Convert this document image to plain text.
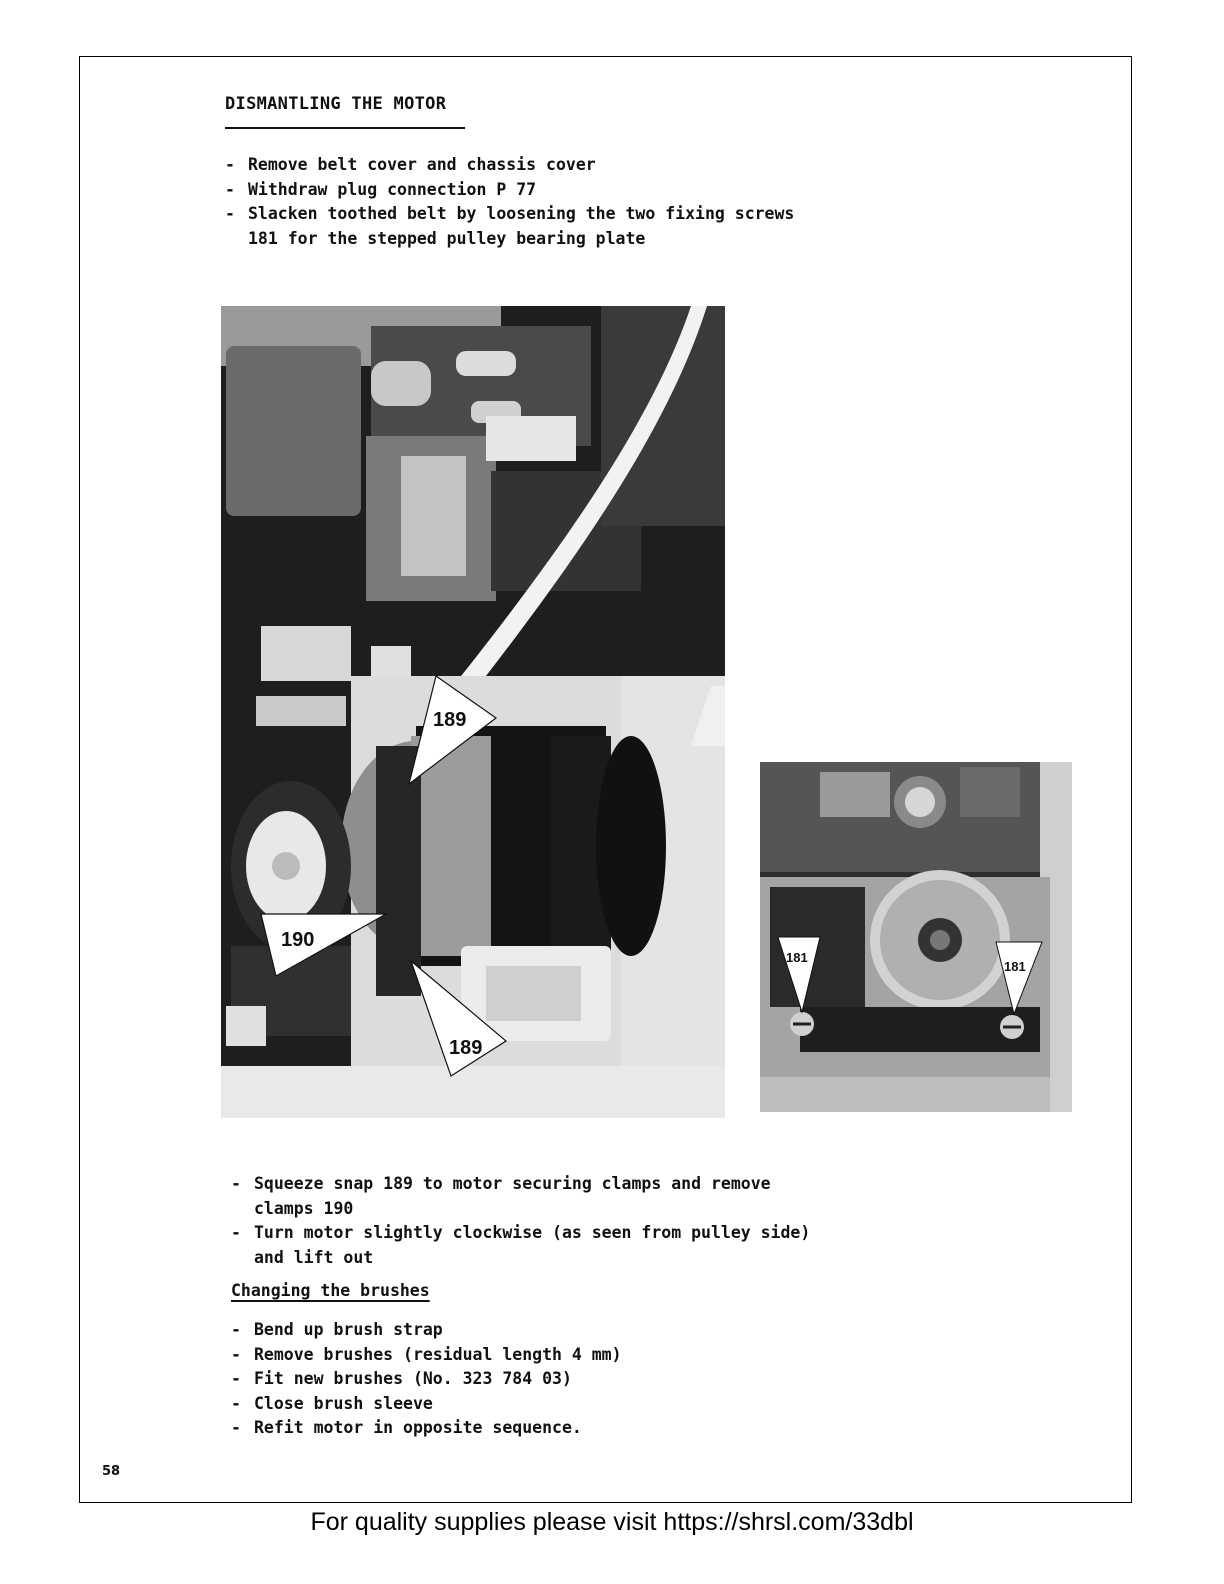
DISMANTLING THE MOTOR
- Remove belt cover and chassis cover
- Withdraw plug connection P 77
- Slacken toothed belt by loosening the two fixing screws
181 for the stepped pulley bearing plate
189
190
189
181
181
- Squeeze snap 189 to motor securing clamps and remove
clamps 190
- Turn motor slightly clockwise (as seen from pulley side)
and lift out
Changing the brushes
- Bend up brush strap
- Remove brushes (residual length 4 mm)
- Fit new brushes (No. 323 784 03)
- Close brush sleeve
- Refit motor in opposite sequence.
58
For quality supplies please visit https://shrsl.com/33dbl
